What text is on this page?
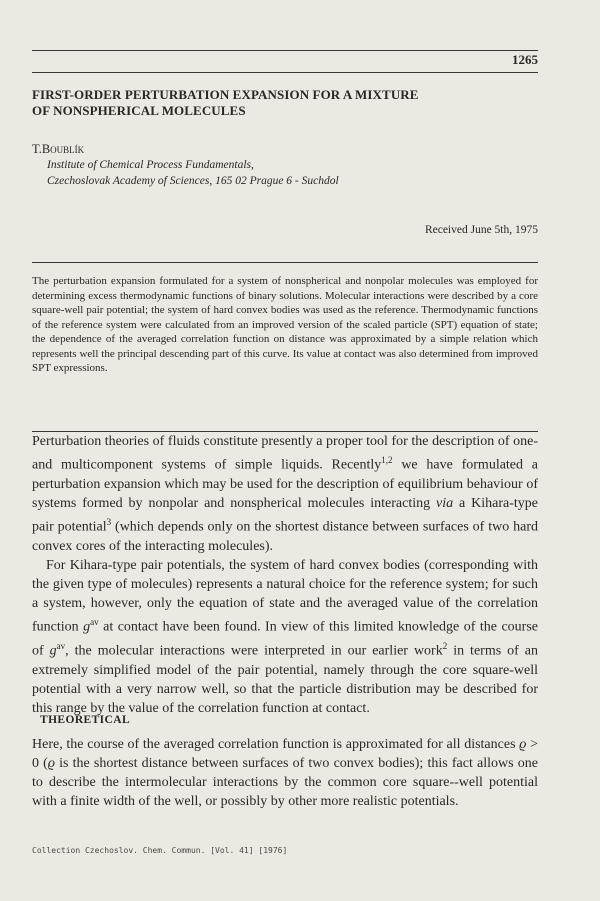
1265
FIRST-ORDER PERTURBATION EXPANSION FOR A MIXTURE
OF NONSPHERICAL MOLECULES
T.Boublík
Institute of Chemical Process Fundamentals,
Czechoslovak Academy of Sciences, 165 02 Prague 6 - Suchdol
Received June 5th, 1975
The perturbation expansion formulated for a system of nonspherical and nonpolar molecules was employed for determining excess thermodynamic functions of binary solutions. Molecular interactions were described by a core square-well pair potential; the system of hard convex bodies was used as the reference. Thermodynamic functions of the reference system were calculated from an improved version of the scaled particle (SPT) equation of state; the dependence of the averaged correlation function on distance was approximated by a simple relation which represents well the principal descending part of this curve. Its value at contact was also determined from improved SPT expressions.

Perturbation theories of fluids constitute presently a proper tool for the description of one- and multicomponent systems of simple liquids. Recently$^{1,2}$ we have formulated a perturbation expansion which may be used for the description of equilibrium behaviour of systems formed by nonpolar and nonspherical molecules interacting via a Kihara-type pair potential$^3$ (which depends only on the shortest distance between surfaces of two hard convex cores of the interacting molecules).

For Kihara-type pair potentials, the system of hard convex bodies (corresponding with the given type of molecules) represents a natural choice for the reference system; for such a system, however, only the equation of state and the averaged value of the correlation function $g^{av}$ at contact have been found. In view of this limited knowledge of the course of $g^{av}$, the molecular interactions were interpreted in our earlier work$^2$ in terms of an extremely simplified model of the pair potential, namely through the core square-well potential with a very narrow well, so that the particle distribution may be described for this range by the value of the correlation function at contact.

THEORETICAL

Here, the course of the averaged correlation function is approximated for all distances ϱ > 0 (ϱ is the shortest distance between surfaces of two convex bodies); this fact allows one to describe the intermolecular interactions by the common core square--well potential with a finite width of the well, or possibly by other more realistic potentials.

Collection Czechoslov. Chem. Commun. [Vol. 41] [1976]
